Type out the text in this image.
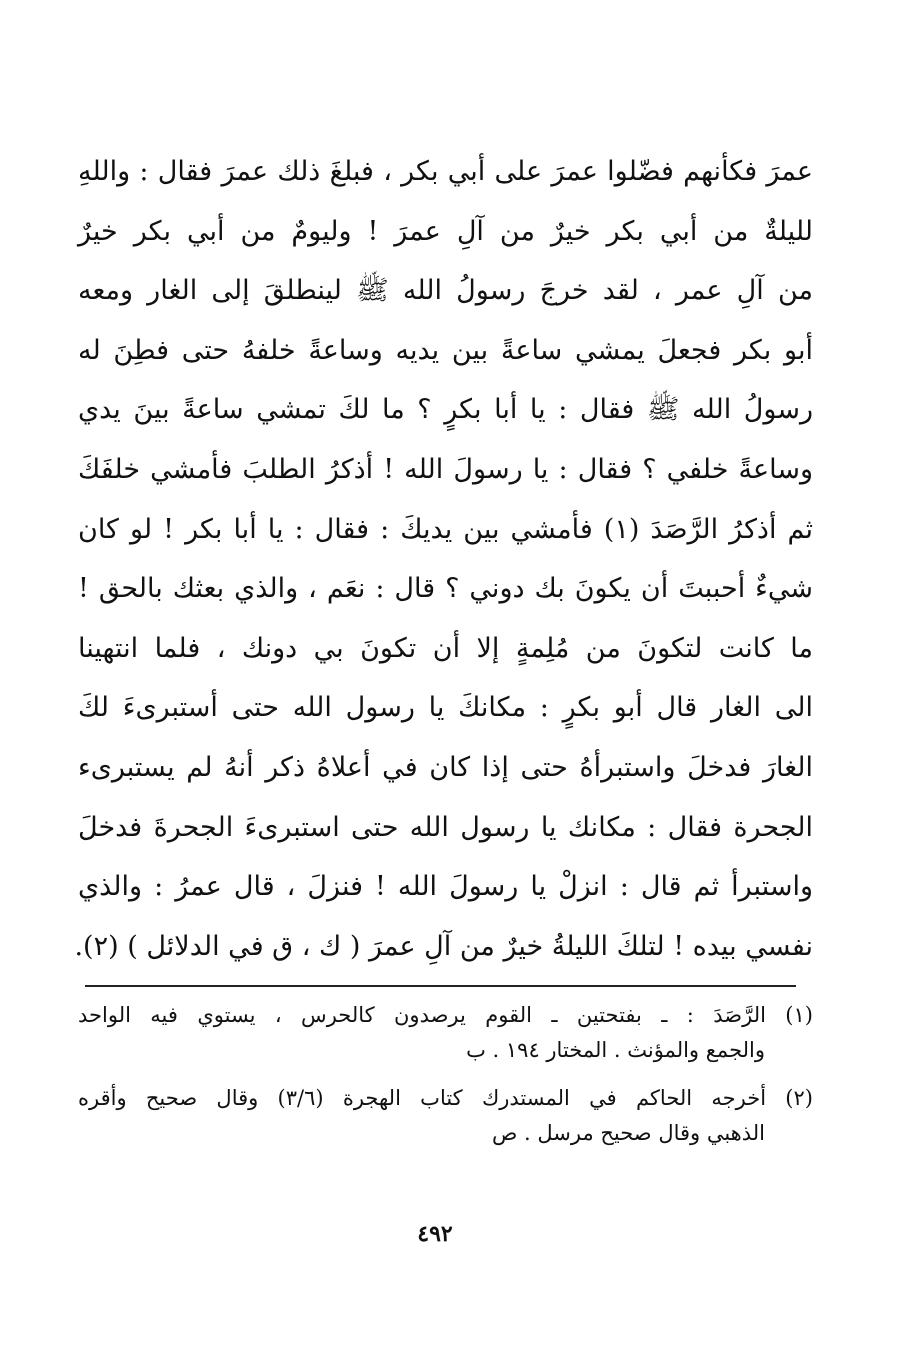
عمرَ فكأنهم فضّلوا عمرَ على أبي بكر ، فبلغَ ذلك عمرَ فقال : واللهِ
لليلةٌ من أبي بكر خيرٌ من آلِ عمرَ ! وليومٌ من أبي بكر خيرٌ
من آلِ عمر ، لقد خرجَ رسولُ الله ﷺ لينطلقَ إلى الغار ومعه
أبو بكر فجعلَ يمشي ساعةً بين يديه وساعةً خلفهُ حتى فطِنَ له
رسولُ الله ﷺ فقال : يا أبا بكرٍ ؟ ما لكَ تمشي ساعةً بينَ يدي
وساعةً خلفي ؟ فقال : يا رسولَ الله ! أذكرُ الطلبَ فأمشي خلفَكَ
ثم أذكرُ الرَّصَدَ (١) فأمشي بين يديكَ : فقال : يا أبا بكر ! لو كان
شيءٌ أحببتَ أن يكونَ بك دوني ؟ قال : نعَم ، والذي بعثك بالحق !
ما كانت لتكونَ من مُلِمةٍ إلا أن تكونَ بي دونك ، فلما انتهينا
الى الغار قال أبو بكرٍ : مكانكَ يا رسول الله حتى أستبرىءَ لكَ
الغارَ فدخلَ واستبرأهُ حتى إذا كان في أعلاهُ ذكر أنهُ لم يستبرىء
الجحرة فقال : مكانك يا رسول الله حتى استبرىءَ الجحرةَ فدخلَ
واستبرأ ثم قال : انزلْ يا رسولَ الله ! فنزلَ ، قال عمرُ : والذي
نفسي بيده ! لتلكَ الليلةُ خيرٌ من آلِ عمرَ ( ك ، ق في الدلائل ) (٢).
(١) الرَّصَدَ : ـ بفتحتين ـ القوم يرصدون كالحرس ، يستوي فيه الواحد
والجمع والمؤنث . المختار ١٩٤ . ب
(٢) أخرجه الحاكم في المستدرك كتاب الهجرة (٣/٦) وقال صحيح وأقره
الذهبي وقال صحيح مرسل . ص
٤٩٢
